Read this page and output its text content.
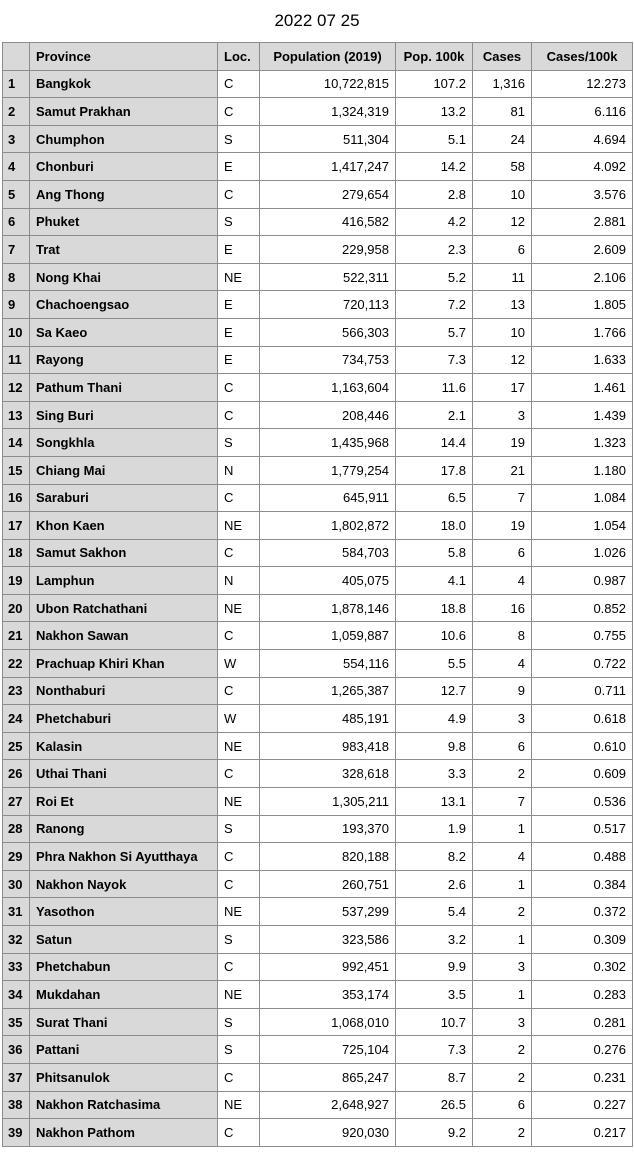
2022 07 25
	Province	Loc.	Population (2019)	Pop. 100k	Cases	Cases/100k
1	Bangkok	C	10,722,815	107.2	1,316	12.273
2	Samut Prakhan	C	1,324,319	13.2	81	6.116
3	Chumphon	S	511,304	5.1	24	4.694
4	Chonburi	E	1,417,247	14.2	58	4.092
5	Ang Thong	C	279,654	2.8	10	3.576
6	Phuket	S	416,582	4.2	12	2.881
7	Trat	E	229,958	2.3	6	2.609
8	Nong Khai	NE	522,311	5.2	11	2.106
9	Chachoengsao	E	720,113	7.2	13	1.805
10	Sa Kaeo	E	566,303	5.7	10	1.766
11	Rayong	E	734,753	7.3	12	1.633
12	Pathum Thani	C	1,163,604	11.6	17	1.461
13	Sing Buri	C	208,446	2.1	3	1.439
14	Songkhla	S	1,435,968	14.4	19	1.323
15	Chiang Mai	N	1,779,254	17.8	21	1.180
16	Saraburi	C	645,911	6.5	7	1.084
17	Khon Kaen	NE	1,802,872	18.0	19	1.054
18	Samut Sakhon	C	584,703	5.8	6	1.026
19	Lamphun	N	405,075	4.1	4	0.987
20	Ubon Ratchathani	NE	1,878,146	18.8	16	0.852
21	Nakhon Sawan	C	1,059,887	10.6	8	0.755
22	Prachuap Khiri Khan	W	554,116	5.5	4	0.722
23	Nonthaburi	C	1,265,387	12.7	9	0.711
24	Phetchaburi	W	485,191	4.9	3	0.618
25	Kalasin	NE	983,418	9.8	6	0.610
26	Uthai Thani	C	328,618	3.3	2	0.609
27	Roi Et	NE	1,305,211	13.1	7	0.536
28	Ranong	S	193,370	1.9	1	0.517
29	Phra Nakhon Si Ayutthaya	C	820,188	8.2	4	0.488
30	Nakhon Nayok	C	260,751	2.6	1	0.384
31	Yasothon	NE	537,299	5.4	2	0.372
32	Satun	S	323,586	3.2	1	0.309
33	Phetchabun	C	992,451	9.9	3	0.302
34	Mukdahan	NE	353,174	3.5	1	0.283
35	Surat Thani	S	1,068,010	10.7	3	0.281
36	Pattani	S	725,104	7.3	2	0.276
37	Phitsanulok	C	865,247	8.7	2	0.231
38	Nakhon Ratchasima	NE	2,648,927	26.5	6	0.227
39	Nakhon Pathom	C	920,030	9.2	2	0.217
